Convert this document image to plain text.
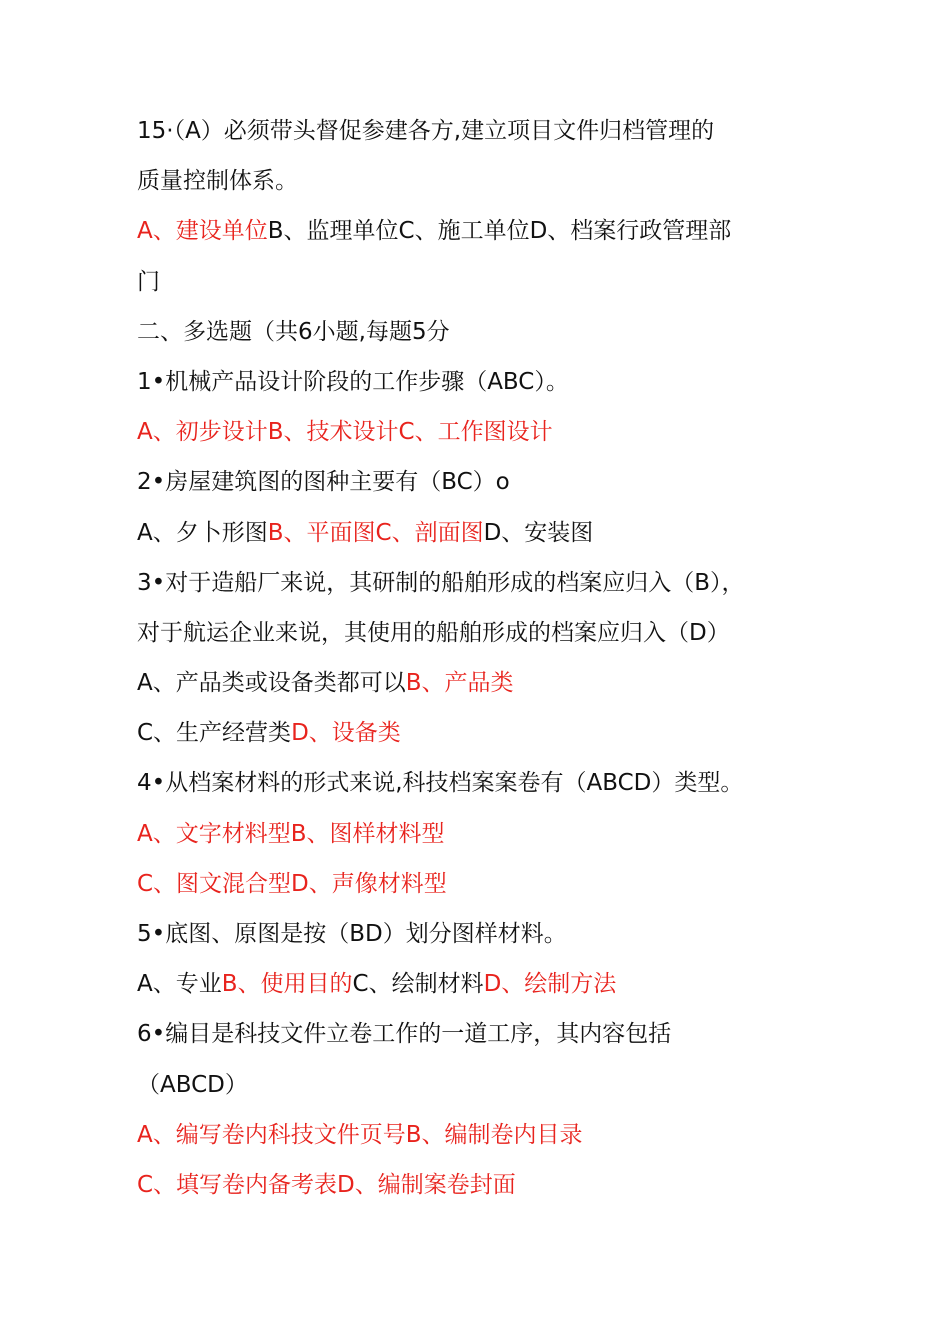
15·（A）必须带头督促参建各方,建立项目文件归档管理的
质量控制体系。
A、建设单位B、监理单位C、施工单位D、档案行政管理部
门
二、多选题（共6小题,每题5分
1•机械产品设计阶段的工作步骤（ABC）。
A、初步设计B、技术设计C、工作图设计
2•房屋建筑图的图种主要有（BC）o
A、夕卜形图B、平面图C、剖面图D、安装图
3•对于造船厂来说，其研制的船舶形成的档案应归入（B），
对于航运企业来说，其使用的船舶形成的档案应归入（D）
A、产品类或设备类都可以B、产品类
C、生产经营类D、设备类
4•从档案材料的形式来说,科技档案案卷有（ABCD）类型。
A、文字材料型B、图样材料型
C、图文混合型D、声像材料型
5•底图、原图是按（BD）划分图样材料。
A、专业B、使用目的C、绘制材料D、绘制方法
6•编目是科技文件立卷工作的一道工序，其内容包括
（ABCD）
A、编写卷内科技文件页号B、编制卷内目录
C、填写卷内备考表D、编制案卷封面
